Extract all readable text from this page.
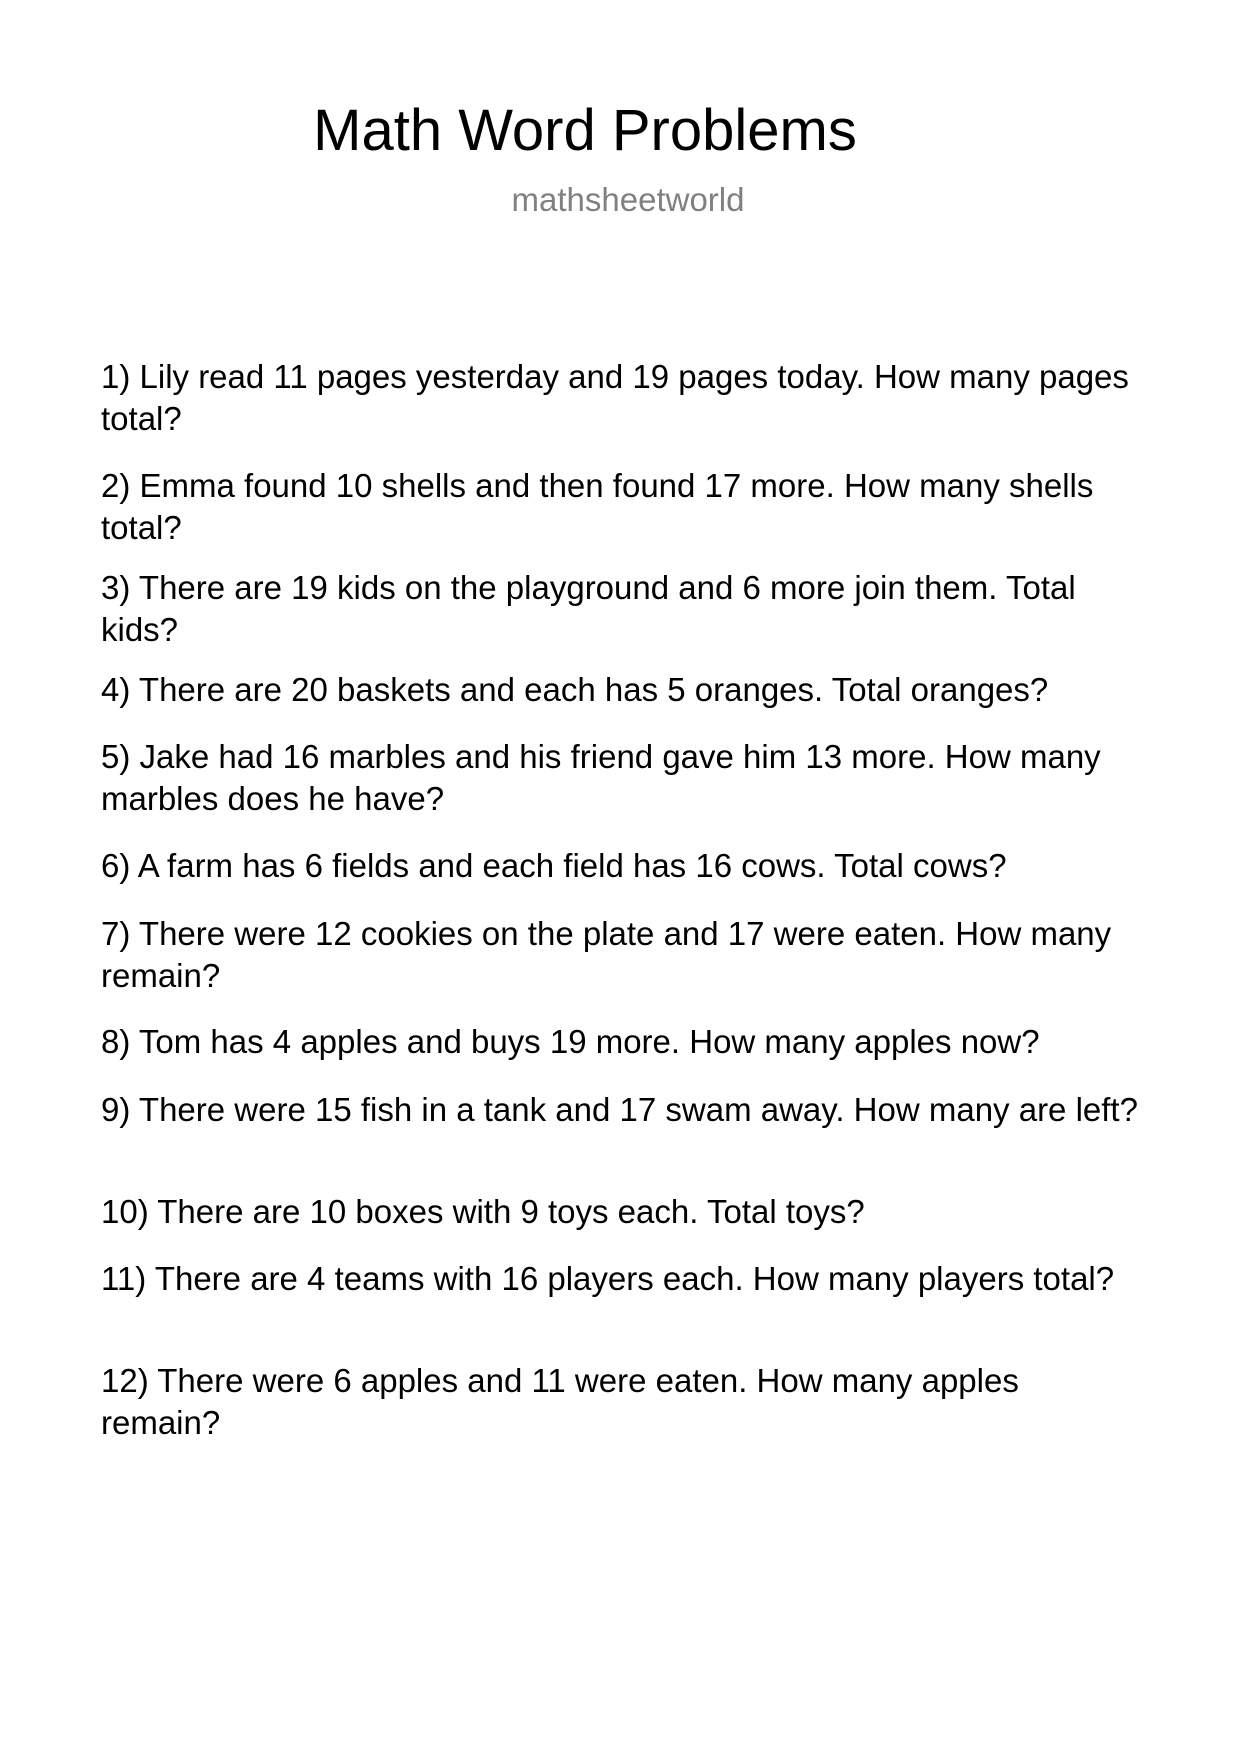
Math Word Problems
mathsheetworld

1) Lily read 11 pages yesterday and 19 pages today. How many pages total?

2) Emma found 10 shells and then found 17 more. How many shells total?

3) There are 19 kids on the playground and 6 more join them. Total kids?

4) There are 20 baskets and each has 5 oranges. Total oranges?

5) Jake had 16 marbles and his friend gave him 13 more. How many marbles does he have?

6) A farm has 6 fields and each field has 16 cows. Total cows?

7) There were 12 cookies on the plate and 17 were eaten. How many remain?

8) Tom has 4 apples and buys 19 more. How many apples now?

9) There were 15 fish in a tank and 17 swam away. How many are left?

10) There are 10 boxes with 9 toys each. Total toys?

11) There are 4 teams with 16 players each. How many players total?

12) There were 6 apples and 11 were eaten. How many apples remain?
